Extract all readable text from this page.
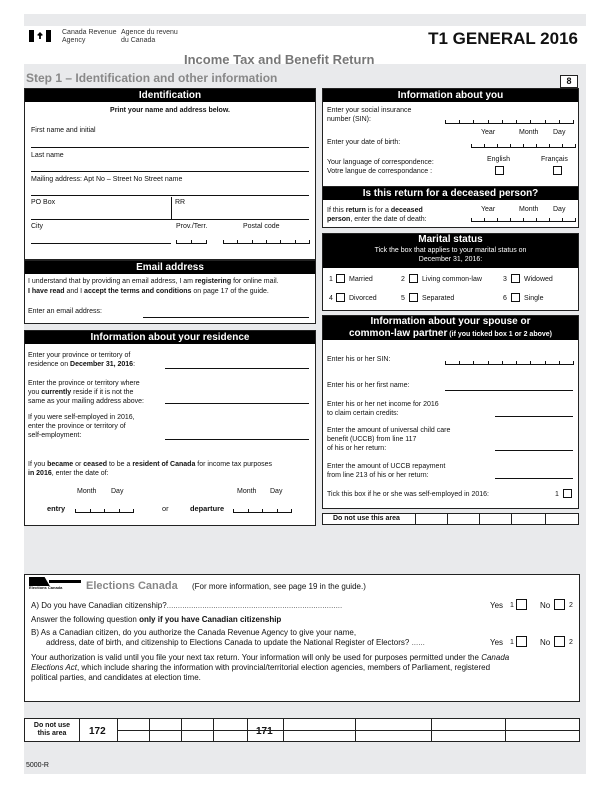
Canada Revenue
Agency
Agence du revenu
du Canada	T1 GENERAL 2016
Income Tax and Benefit Return
Step 1 – Identification and other information	8
Identification
Print your name and address below.
First name and initial
Last name
Mailing address: Apt No – Street No Street name
PO Box	RR
City	Prov./Terr.	Postal code
Email address
I understand that by providing an email address, I am registering for online mail.
I have read and I accept the terms and conditions on page 17 of the guide.
Enter an email address:
Information about your residence
Enter your province or territory of
residence on December 31, 2016:
Enter the province or territory where
you currently reside if it is not the
same as your mailing address above:
If you were self-employed in 2016,
enter the province or territory of
self-employment:
If you became or ceased to be a resident of Canada for income tax purposes
in 2016, enter the date of:
Month Day
entry	or
Month Day
departure
Information about you
Enter your social insurance
number (SIN):
Year	Month Day
Enter your date of birth:
Your language of correspondence:
Votre langue de correspondance :
English	Français
Is this return for a deceased person?
If this return is for a deceased
person, enter the date of death:
Year	Month Day
Marital status
Tick the box that applies to your marital status on
December 31, 2016:
1 Married	2 Living common-law	3 Widowed
4 Divorced	5 Separated	6 Single
Information about your spouse or
common-law partner (if you ticked box 1 or 2 above)
Enter his or her SIN:
Enter his or her first name:
Enter his or her net income for 2016
to claim certain credits:
Enter the amount of universal child care
benefit (UCCB) from line 117
of his or her return:
Enter the amount of UCCB repayment
from line 213 of his or her return:
Tick this box if he or she was self-employed in 2016:	1
Do not use this area
Elections Canada Elections Canada (For more information, see page 19 in the guide.)
A) Do you have Canadian citizenship?...............................................................................	Yes 1	No	2
Answer the following question only if you have Canadian citizenship
B) As a Canadian citizen, do you authorize the Canada Revenue Agency to give your name,
address, date of birth, and citizenship to Elections Canada to update the National Register of Electors? ......	Yes 1	No	2
Your authorization is valid until you file your next tax return. Your information will only be used for purposes permitted under the Canada
Elections Act, which include sharing the information with provincial/territorial election agencies, members of Parliament, registered
political parties, and candidates at election time.
Do not use
this area	172	171
5000-R
